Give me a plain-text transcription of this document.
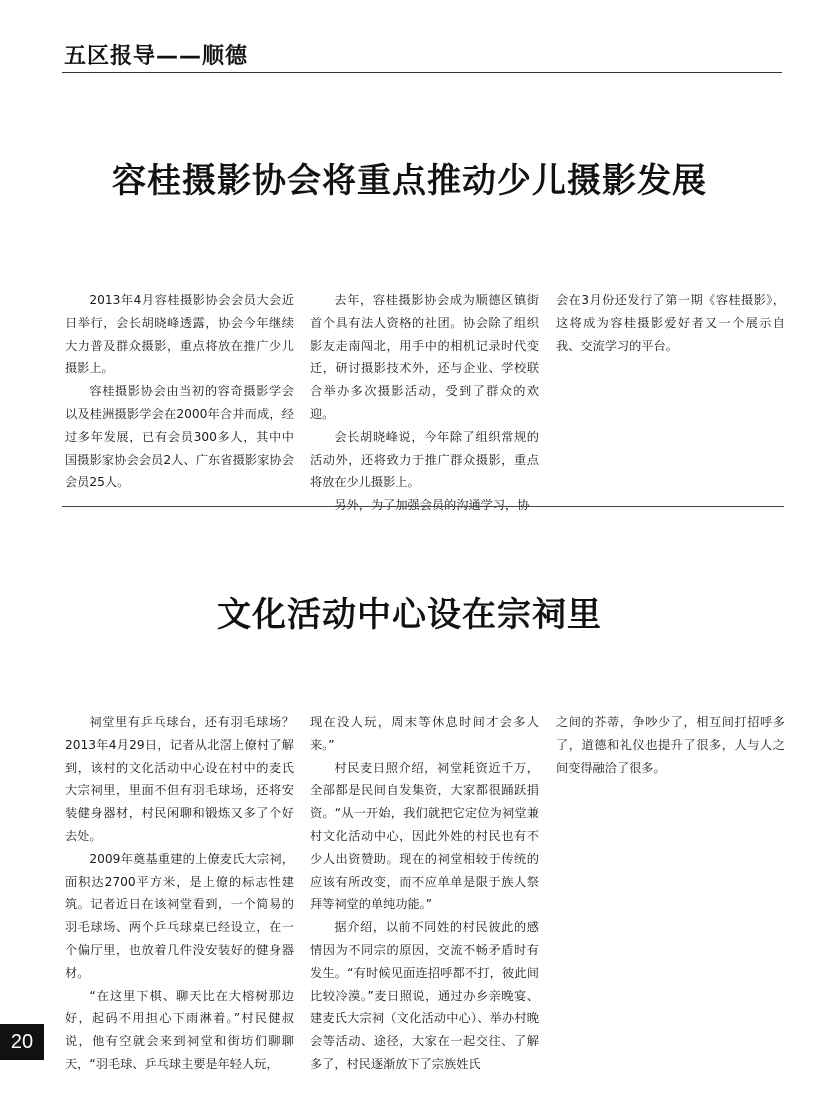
五区报导——顺德
容桂摄影协会将重点推动少儿摄影发展

2013年4月容桂摄影协会会员大会近日举行，会长胡晓峰透露，协会今年继续大力普及群众摄影，重点将放在推广少儿摄影上。

容桂摄影协会由当初的容奇摄影学会以及桂洲摄影学会在2000年合并而成，经过多年发展，已有会员300多人，其中中国摄影家协会会员2人、广东省摄影家协会会员25人。

去年，容桂摄影协会成为顺德区镇街首个具有法人资格的社团。协会除了组织影友走南闯北，用手中的相机记录时代变迁，研讨摄影技术外，还与企业、学校联合举办多次摄影活动，受到了群众的欢迎。

会长胡晓峰说，今年除了组织常规的活动外，还将致力于推广群众摄影，重点将放在少儿摄影上。

另外，为了加强会员的沟通学习，协

会在3月份还发行了第一期《容桂摄影》，这将成为容桂摄影爱好者又一个展示自我、交流学习的平台。

文化活动中心设在宗祠里

祠堂里有乒乓球台，还有羽毛球场？2013年4月29日，记者从北滘上僚村了解到，该村的文化活动中心设在村中的麦氏大宗祠里，里面不但有羽毛球场，还将安装健身器材，村民闲聊和锻炼又多了个好去处。

2009年奠基重建的上僚麦氏大宗祠，面积达2700平方米，是上僚的标志性建筑。记者近日在该祠堂看到，一个简易的羽毛球场、两个乒乓球桌已经设立，在一个偏厅里，也放着几件没安装好的健身器材。

“在这里下棋、聊天比在大榕树那边好，起码不用担心下雨淋着。”村民健叔说，他有空就会来到祠堂和街坊们聊聊天，“羽毛球、乒乓球主要是年轻人玩，

现在没人玩，周末等休息时间才会多人来。”

村民麦日照介绍，祠堂耗资近千万，全部都是民间自发集资，大家都很踊跃捐资。“从一开始，我们就把它定位为祠堂兼村文化活动中心，因此外姓的村民也有不少人出资赞助。现在的祠堂相较于传统的应该有所改变，而不应单单是限于族人祭拜等祠堂的单纯功能。”

据介绍，以前不同姓的村民彼此的感情因为不同宗的原因，交流不畅矛盾时有发生。“有时候见面连招呼都不打，彼此间比较冷漠。”麦日照说，通过办乡亲晚宴、建麦氏大宗祠（文化活动中心）、举办村晚会等活动、途径，大家在一起交往、了解多了，村民逐渐放下了宗族姓氏

之间的芥蒂，争吵少了，相互间打招呼多了，道德和礼仪也提升了很多，人与人之间变得融洽了很多。

20
